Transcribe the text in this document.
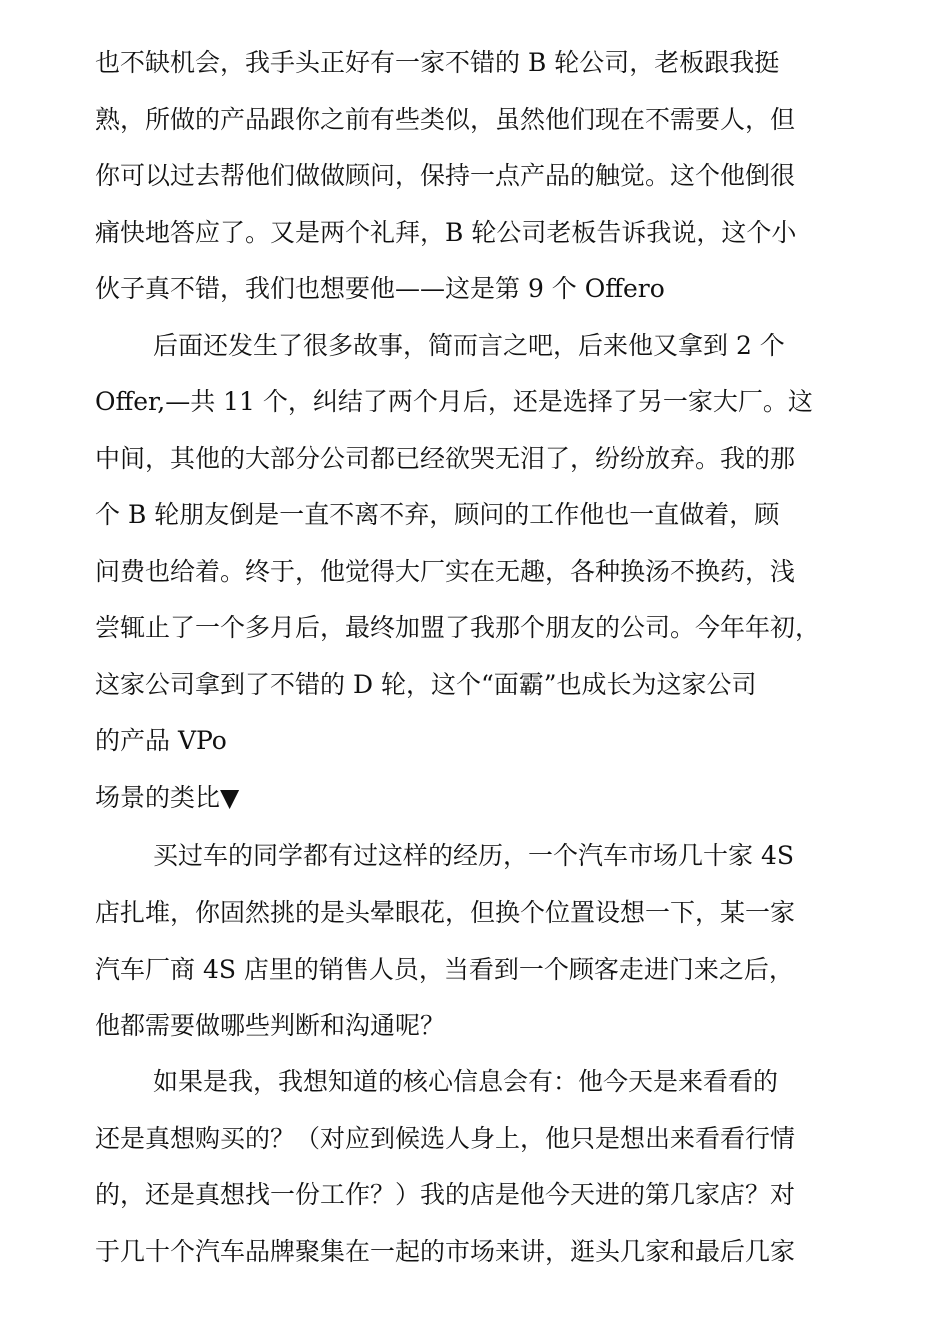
也不缺机会，我手头正好有一家不错的 B 轮公司，老板跟我挺
熟，所做的产品跟你之前有些类似，虽然他们现在不需要人，但
你可以过去帮他们做做顾问，保持一点产品的触觉。这个他倒很
痛快地答应了。又是两个礼拜，B 轮公司老板告诉我说，这个小
伙子真不错，我们也想要他——这是第 9 个 Offero
后面还发生了很多故事，简而言之吧，后来他又拿到 2 个
Offer,—共 11 个，纠结了两个月后，还是选择了另一家大厂。这
中间，其他的大部分公司都已经欲哭无泪了，纷纷放弃。我的那
个 B 轮朋友倒是一直不离不弃，顾问的工作他也一直做着，顾
问费也给着。终于，他觉得大厂实在无趣，各种换汤不换药，浅
尝辄止了一个多月后，最终加盟了我那个朋友的公司。今年年初，
这家公司拿到了不错的 D 轮，这个“面霸”也成长为这家公司
的产品 VPo
场景的类比▼
买过车的同学都有过这样的经历，一个汽车市场几十家 4S
店扎堆，你固然挑的是头晕眼花，但换个位置设想一下，某一家
汽车厂商 4S 店里的销售人员，当看到一个顾客走进门来之后，
他都需要做哪些判断和沟通呢？
如果是我，我想知道的核心信息会有：他今天是来看看的
还是真想购买的？（对应到候选人身上，他只是想出来看看行情
的，还是真想找一份工作？）我的店是他今天进的第几家店？对
于几十个汽车品牌聚集在一起的市场来讲，逛头几家和最后几家
